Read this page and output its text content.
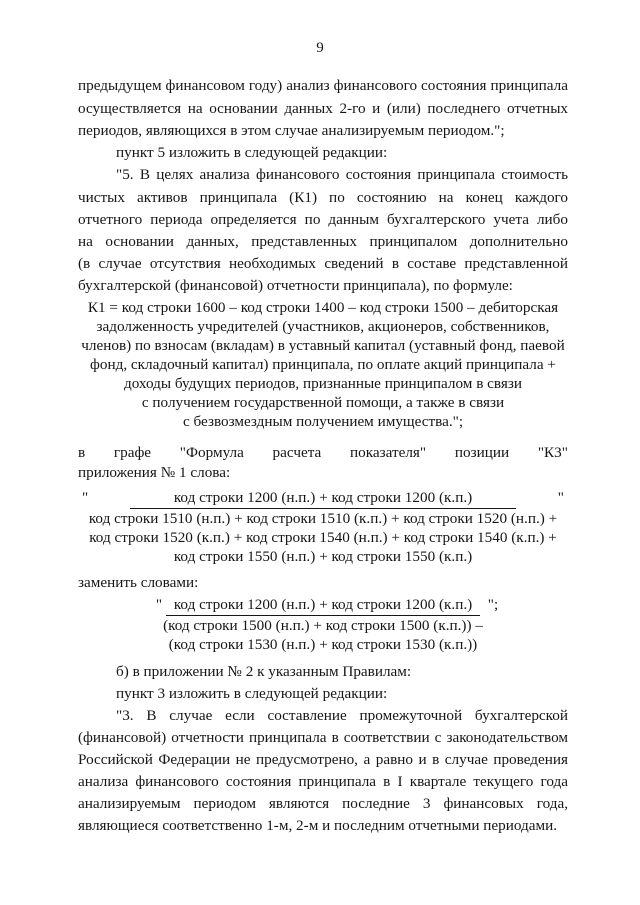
9
предыдущем финансовом году) анализ финансового состояния принципала
осуществляется на основании данных 2-го и (или) последнего отчетных
периодов, являющихся в этом случае анализируемым периодом.";
пункт 5 изложить в следующей редакции:
"5. В целях анализа финансового состояния принципала стоимость
чистых активов принципала (К1) по состоянию на конец каждого
отчетного периода определяется по данным бухгалтерского учета либо
на основании данных, представленных принципалом дополнительно
(в случае отсутствия необходимых сведений в составе представленной
бухгалтерской (финансовой) отчетности принципала), по формуле:
К1 = код строки 1600 – код строки 1400 – код строки 1500 – дебиторская
задолженность учредителей (участников, акционеров, собственников,
членов) по взносам (вкладам) в уставный капитал (уставный фонд, паевой
фонд, складочный капитал) принципала, по оплате акций принципала +
доходы будущих периодов, признанные принципалом в связи
с получением государственной помощи, а также в связи
с безвозмездным получением имущества.";
в графе "Формула расчета показателя" позиции "К3"
приложения № 1 слова:
"	код строки 1200 (н.п.) + код строки 1200 (к.п.)	"
код строки 1510 (н.п.) + код строки 1510 (к.п.) + код строки 1520 (н.п.) +
код строки 1520 (к.п.) + код строки 1540 (н.п.) + код строки 1540 (к.п.) +
код строки 1550 (н.п.) + код строки 1550 (к.п.)
заменить словами:
" код строки 1200 (н.п.) + код строки 1200 (к.п.) ";
(код строки 1500 (н.п.) + код строки 1500 (к.п.)) –
(код строки 1530 (н.п.) + код строки 1530 (к.п.))
б) в приложении № 2 к указанным Правилам:
пункт 3 изложить в следующей редакции:
"3. В случае если составление промежуточной бухгалтерской
(финансовой) отчетности принципала в соответствии с законодательством
Российской Федерации не предусмотрено, а равно и в случае проведения
анализа финансового состояния принципала в I квартале текущего года
анализируемым периодом являются последние 3 финансовых года,
являющиеся соответственно 1-м, 2-м и последним отчетными периодами.
